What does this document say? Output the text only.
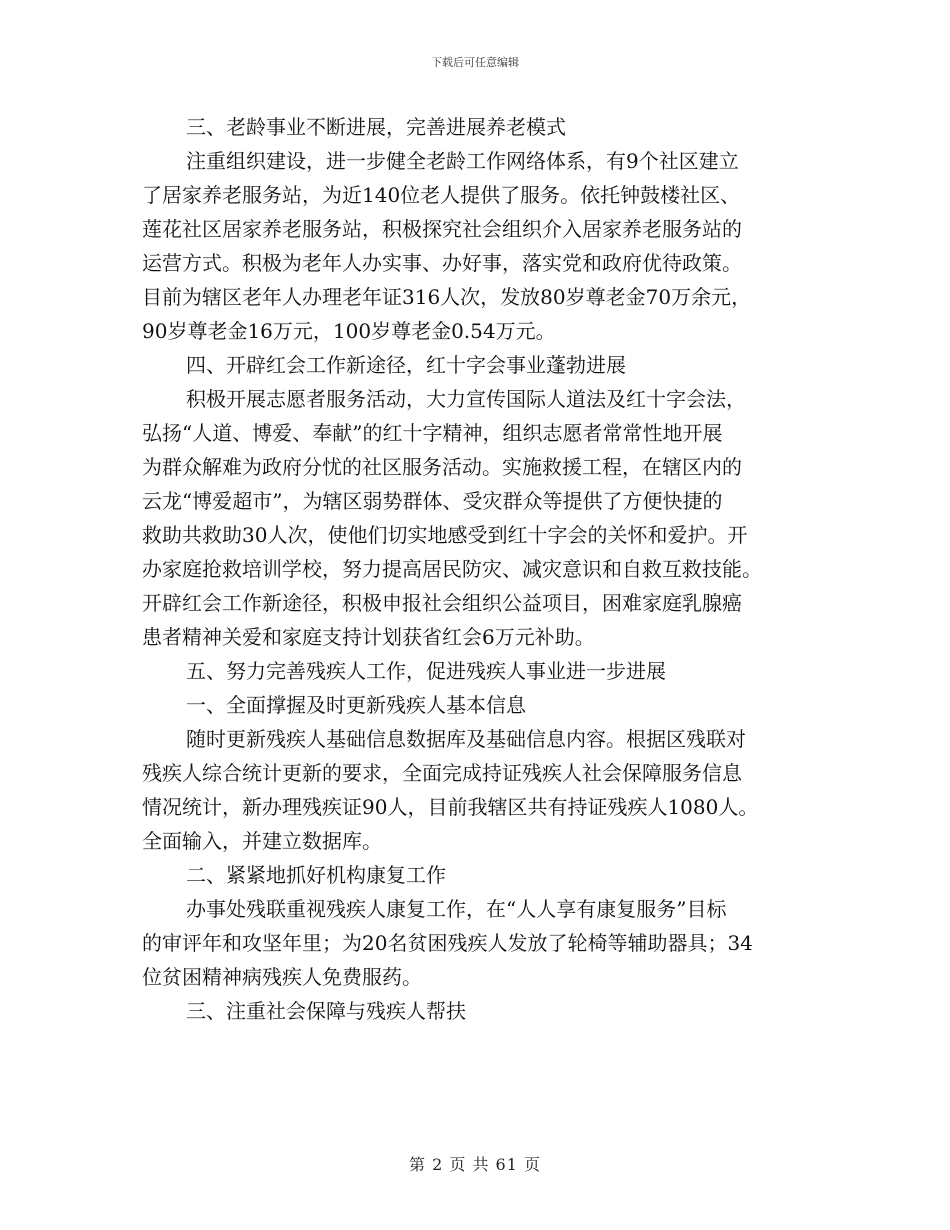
下载后可任意编辑

三、老龄事业不断进展，完善进展养老模式

注重组织建设，进一步健全老龄工作网络体系，有9个社区建立

了居家养老服务站，为近140位老人提供了服务。依托钟鼓楼社区、

莲花社区居家养老服务站，积极探究社会组织介入居家养老服务站的

运营方式。积极为老年人办实事、办好事，落实党和政府优待政策。

目前为辖区老年人办理老年证316人次，发放80岁尊老金70万余元，

90岁尊老金16万元，100岁尊老金0.54万元。

四、开辟红会工作新途径，红十字会事业蓬勃进展

积极开展志愿者服务活动，大力宣传国际人道法及红十字会法，

弘扬“人道、博爱、奉献”的红十字精神，组织志愿者常常性地开展

为群众解难为政府分忧的社区服务活动。实施救援工程，在辖区内的

云龙“博爱超市”，为辖区弱势群体、受灾群众等提供了方便快捷的

救助共救助30人次，使他们切实地感受到红十字会的关怀和爱护。开

办家庭抢救培训学校，努力提高居民防灾、减灾意识和自救互救技能。

开辟红会工作新途径，积极申报社会组织公益项目，困难家庭乳腺癌

患者精神关爱和家庭支持计划获省红会6万元补助。

五、努力完善残疾人工作，促进残疾人事业进一步进展

一、全面撑握及时更新残疾人基本信息

随时更新残疾人基础信息数据库及基础信息内容。根据区残联对

残疾人综合统计更新的要求，全面完成持证残疾人社会保障服务信息

情况统计，新办理残疾证90人，目前我辖区共有持证残疾人1080人。

全面输入，并建立数据库。

二、紧紧地抓好机构康复工作

办事处残联重视残疾人康复工作，在“人人享有康复服务”目标

的审评年和攻坚年里；为20名贫困残疾人发放了轮椅等辅助器具；34

位贫困精神病残疾人免费服药。

三、注重社会保障与残疾人帮扶

第 2 页 共 61 页
